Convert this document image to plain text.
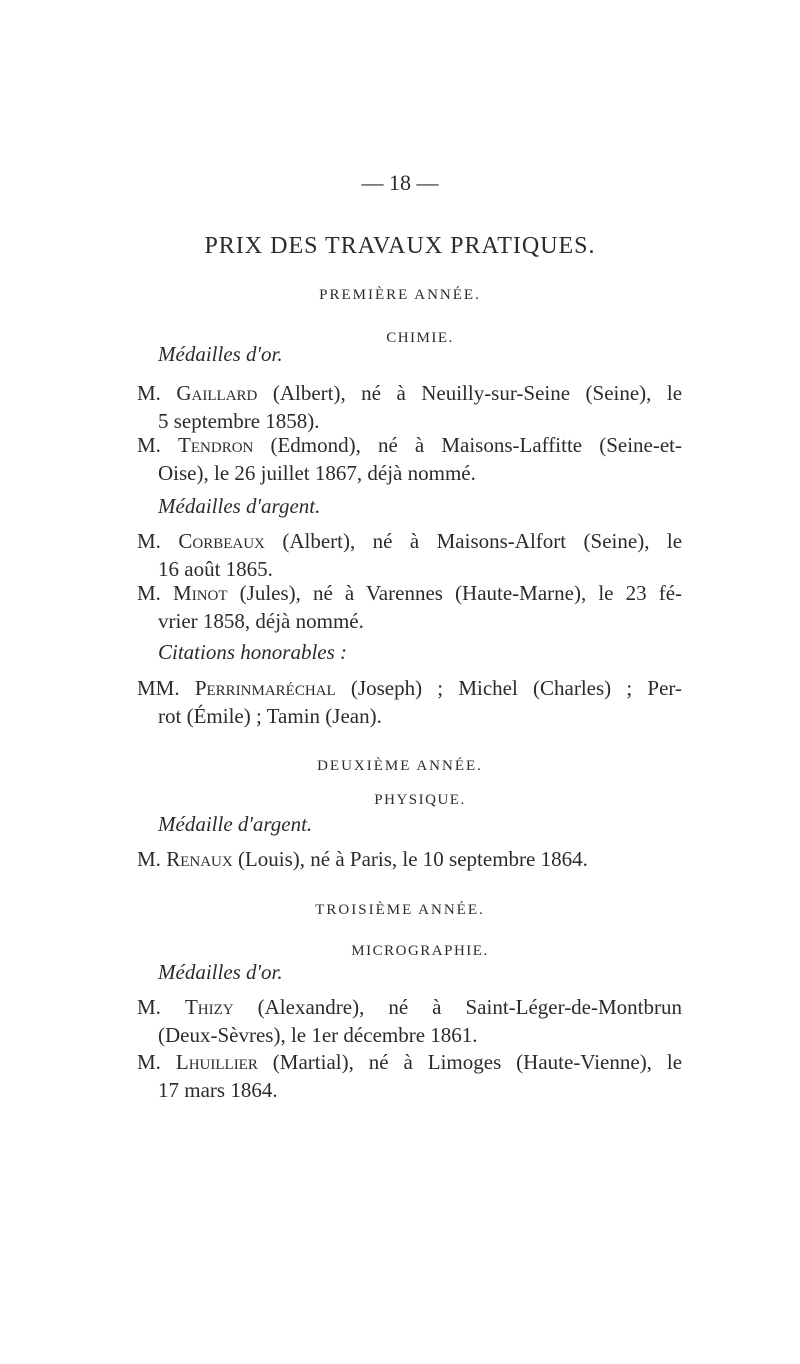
— 18 —
PRIX DES TRAVAUX PRATIQUES.
PREMIÈRE ANNÉE.
CHIMIE.
Médailles d'or.
M. Gaillard (Albert), né à Neuilly-sur-Seine (Seine), le
5 septembre 1858).
M. Tendron (Edmond), né à Maisons-Laffitte (Seine-et-
Oise), le 26 juillet 1867, déjà nommé.
Médailles d'argent.
M. Corbeaux (Albert), né à Maisons-Alfort (Seine), le
16 août 1865.
M. Minot (Jules), né à Varennes (Haute-Marne), le 23 fé-
vrier 1858, déjà nommé.
Citations honorables :
MM. Perrinmaréchal (Joseph) ; Michel (Charles) ; Per-
rot (Émile) ; Tamin (Jean).
DEUXIÈME ANNÉE.
PHYSIQUE.
Médaille d'argent.
M. Renaux (Louis), né à Paris, le 10 septembre 1864.
TROISIÈME ANNÉE.
MICROGRAPHIE.
Médailles d'or.
M. Thizy (Alexandre), né à Saint-Léger-de-Montbrun
(Deux-Sèvres), le 1er décembre 1861.
M. Lhuillier (Martial), né à Limoges (Haute-Vienne), le
17 mars 1864.
